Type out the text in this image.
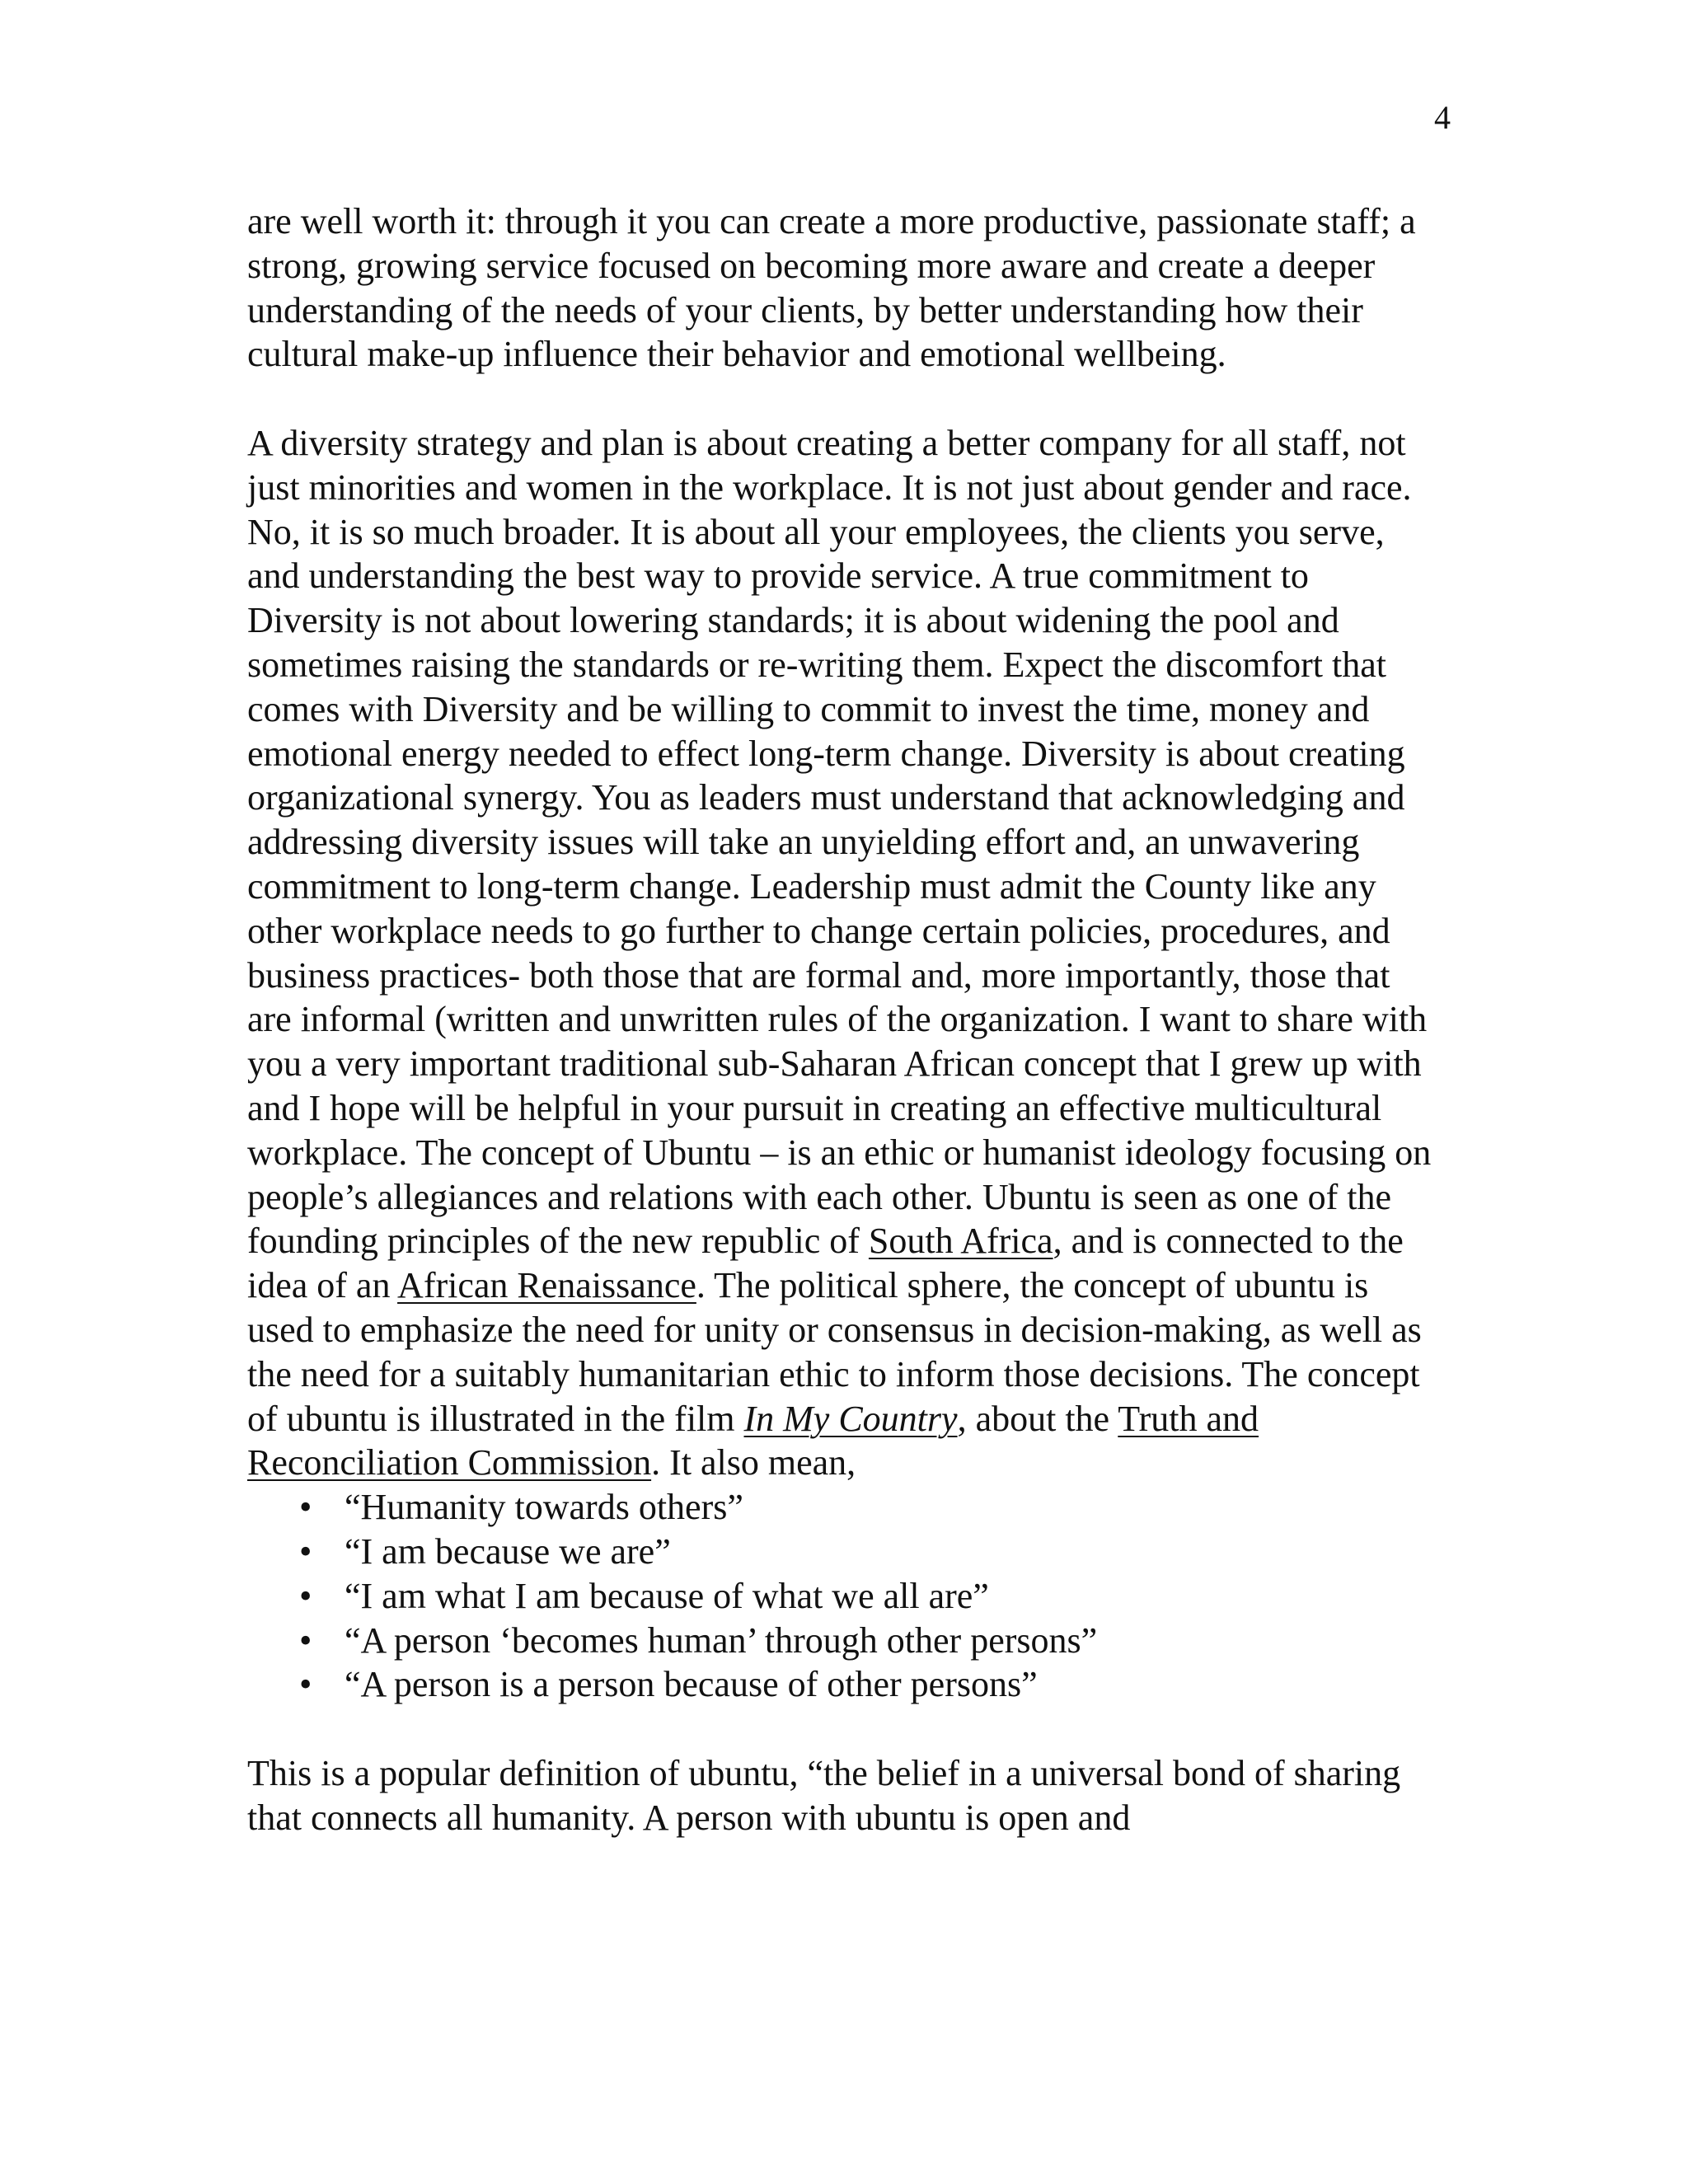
4

are well worth it: through it you can create a more productive, passionate staff; a strong, growing service focused on becoming more aware and create a deeper understanding of the needs of your clients, by better understanding how their cultural make-up influence their behavior and emotional wellbeing.

A diversity strategy and plan is about creating a better company for all staff, not just minorities and women in the workplace. It is not just about gender and race. No, it is so much broader. It is about all your employees, the clients you serve, and understanding the best way to provide service. A true commitment to Diversity is not about lowering standards; it is about widening the pool and sometimes raising the standards or re-writing them. Expect the discomfort that comes with Diversity and be willing to commit to invest the time, money and emotional energy needed to effect long-term change. Diversity is about creating organizational synergy. You as leaders must understand that acknowledging and addressing diversity issues will take an unyielding effort and, an unwavering commitment to long-term change. Leadership must admit the County like any other workplace needs to go further to change certain policies, procedures, and business practices- both those that are formal and, more importantly, those that are informal (written and unwritten rules of the organization. I want to share with you a very important traditional sub-Saharan African concept that I grew up with and I hope will be helpful in your pursuit in creating an effective multicultural workplace. The concept of Ubuntu – is an ethic or humanist ideology focusing on people’s allegiances and relations with each other. Ubuntu is seen as one of the founding principles of the new republic of South Africa, and is connected to the idea of an African Renaissance. The political sphere, the concept of ubuntu is used to emphasize the need for unity or consensus in decision-making, as well as the need for a suitably humanitarian ethic to inform those decisions. The concept of ubuntu is illustrated in the film In My Country, about the Truth and Reconciliation Commission. It also mean,

• “Humanity towards others”
• “I am because we are”
• “I am what I am because of what we all are”
• “A person ‘becomes human’ through other persons”
• “A person is a person because of other persons”

This is a popular definition of ubuntu, “the belief in a universal bond of sharing that connects all humanity. A person with ubuntu is open and
